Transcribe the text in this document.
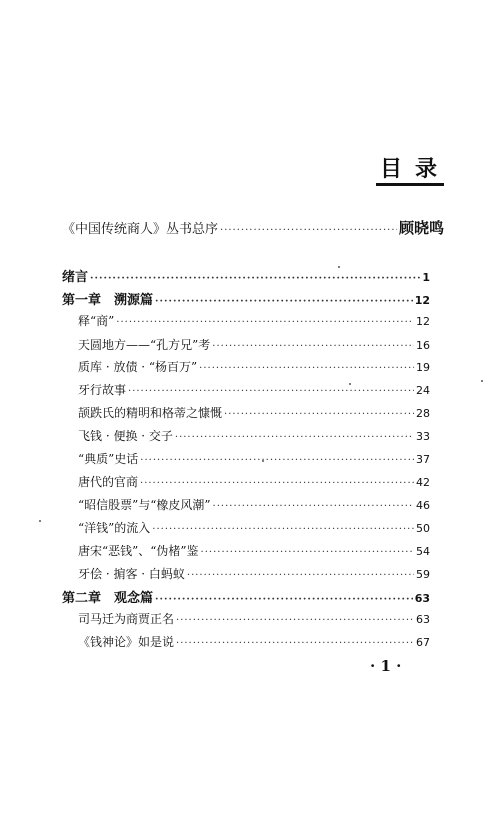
目录
《中国传统商人》丛书总序 ·····	顾晓鸣
绪言 ·····	1
第一章　溯源篇 ·····	12
释“商” ·····	12
天圆地方——“孔方兄”考 ·····	16
质库 · 放债 · “杨百万” ·····	19
牙行故事 ·····	24
颉跌氏的精明和格蒂之慷慨 ·····	28
飞钱 · 便换 · 交子 ·····	33
“典质”史话 ·····	37
唐代的官商 ·····	42
“昭信股票”与“橡皮风潮” ·····	46
“洋钱”的流入 ·····	50
唐宋“恶钱”、“伪楮”鉴 ·····	54
牙侩 · 掮客 · 白蚂蚁 ·····	59
第二章　观念篇 ·····	63
司马迁为商贾正名 ·····	63
《钱神论》如是说 ·····	67
· 1 ·
